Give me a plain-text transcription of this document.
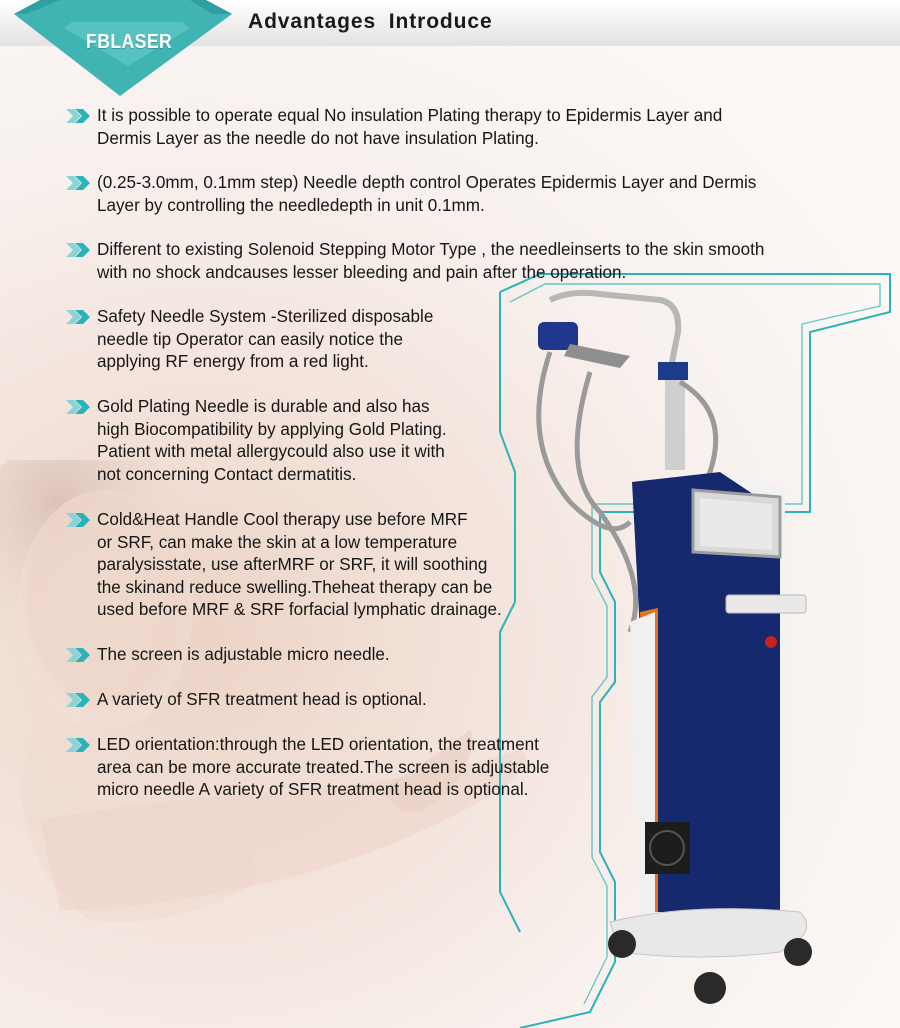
FBLASER
Advantages Introduce
It is possible to operate equal No insulation Plating therapy to Epidermis Layer and
Dermis Layer as the needle do not have insulation Plating.
(0.25-3.0mm, 0.1mm step) Needle depth control Operates Epidermis Layer and Dermis
Layer by controlling the needledepth in unit 0.1mm.
Different to existing Solenoid Stepping Motor Type , the needleinserts to the skin smooth
with no shock andcauses lesser bleeding and pain after the operation.
Safety Needle System -Sterilized disposable
needle tip Operator can easily notice the
applying RF energy from a red light.
Gold Plating Needle is durable and also has
high Biocompatibility by applying Gold Plating.
Patient with metal allergycould also use it with
not concerning Contact dermatitis.
Cold&Heat Handle Cool therapy use before MRF
or SRF, can make the skin at a low temperature
paralysisstate, use afterMRF or SRF, it will soothing
the skinand reduce swelling.Theheat therapy can be
used before MRF & SRF forfacial lymphatic drainage.
The screen is adjustable micro needle.
A variety of SFR treatment head is optional.
LED orientation:through the LED orientation, the treatment
area can be more accurate treated.The screen is adjustable
micro needle A variety of SFR treatment head is optional.
